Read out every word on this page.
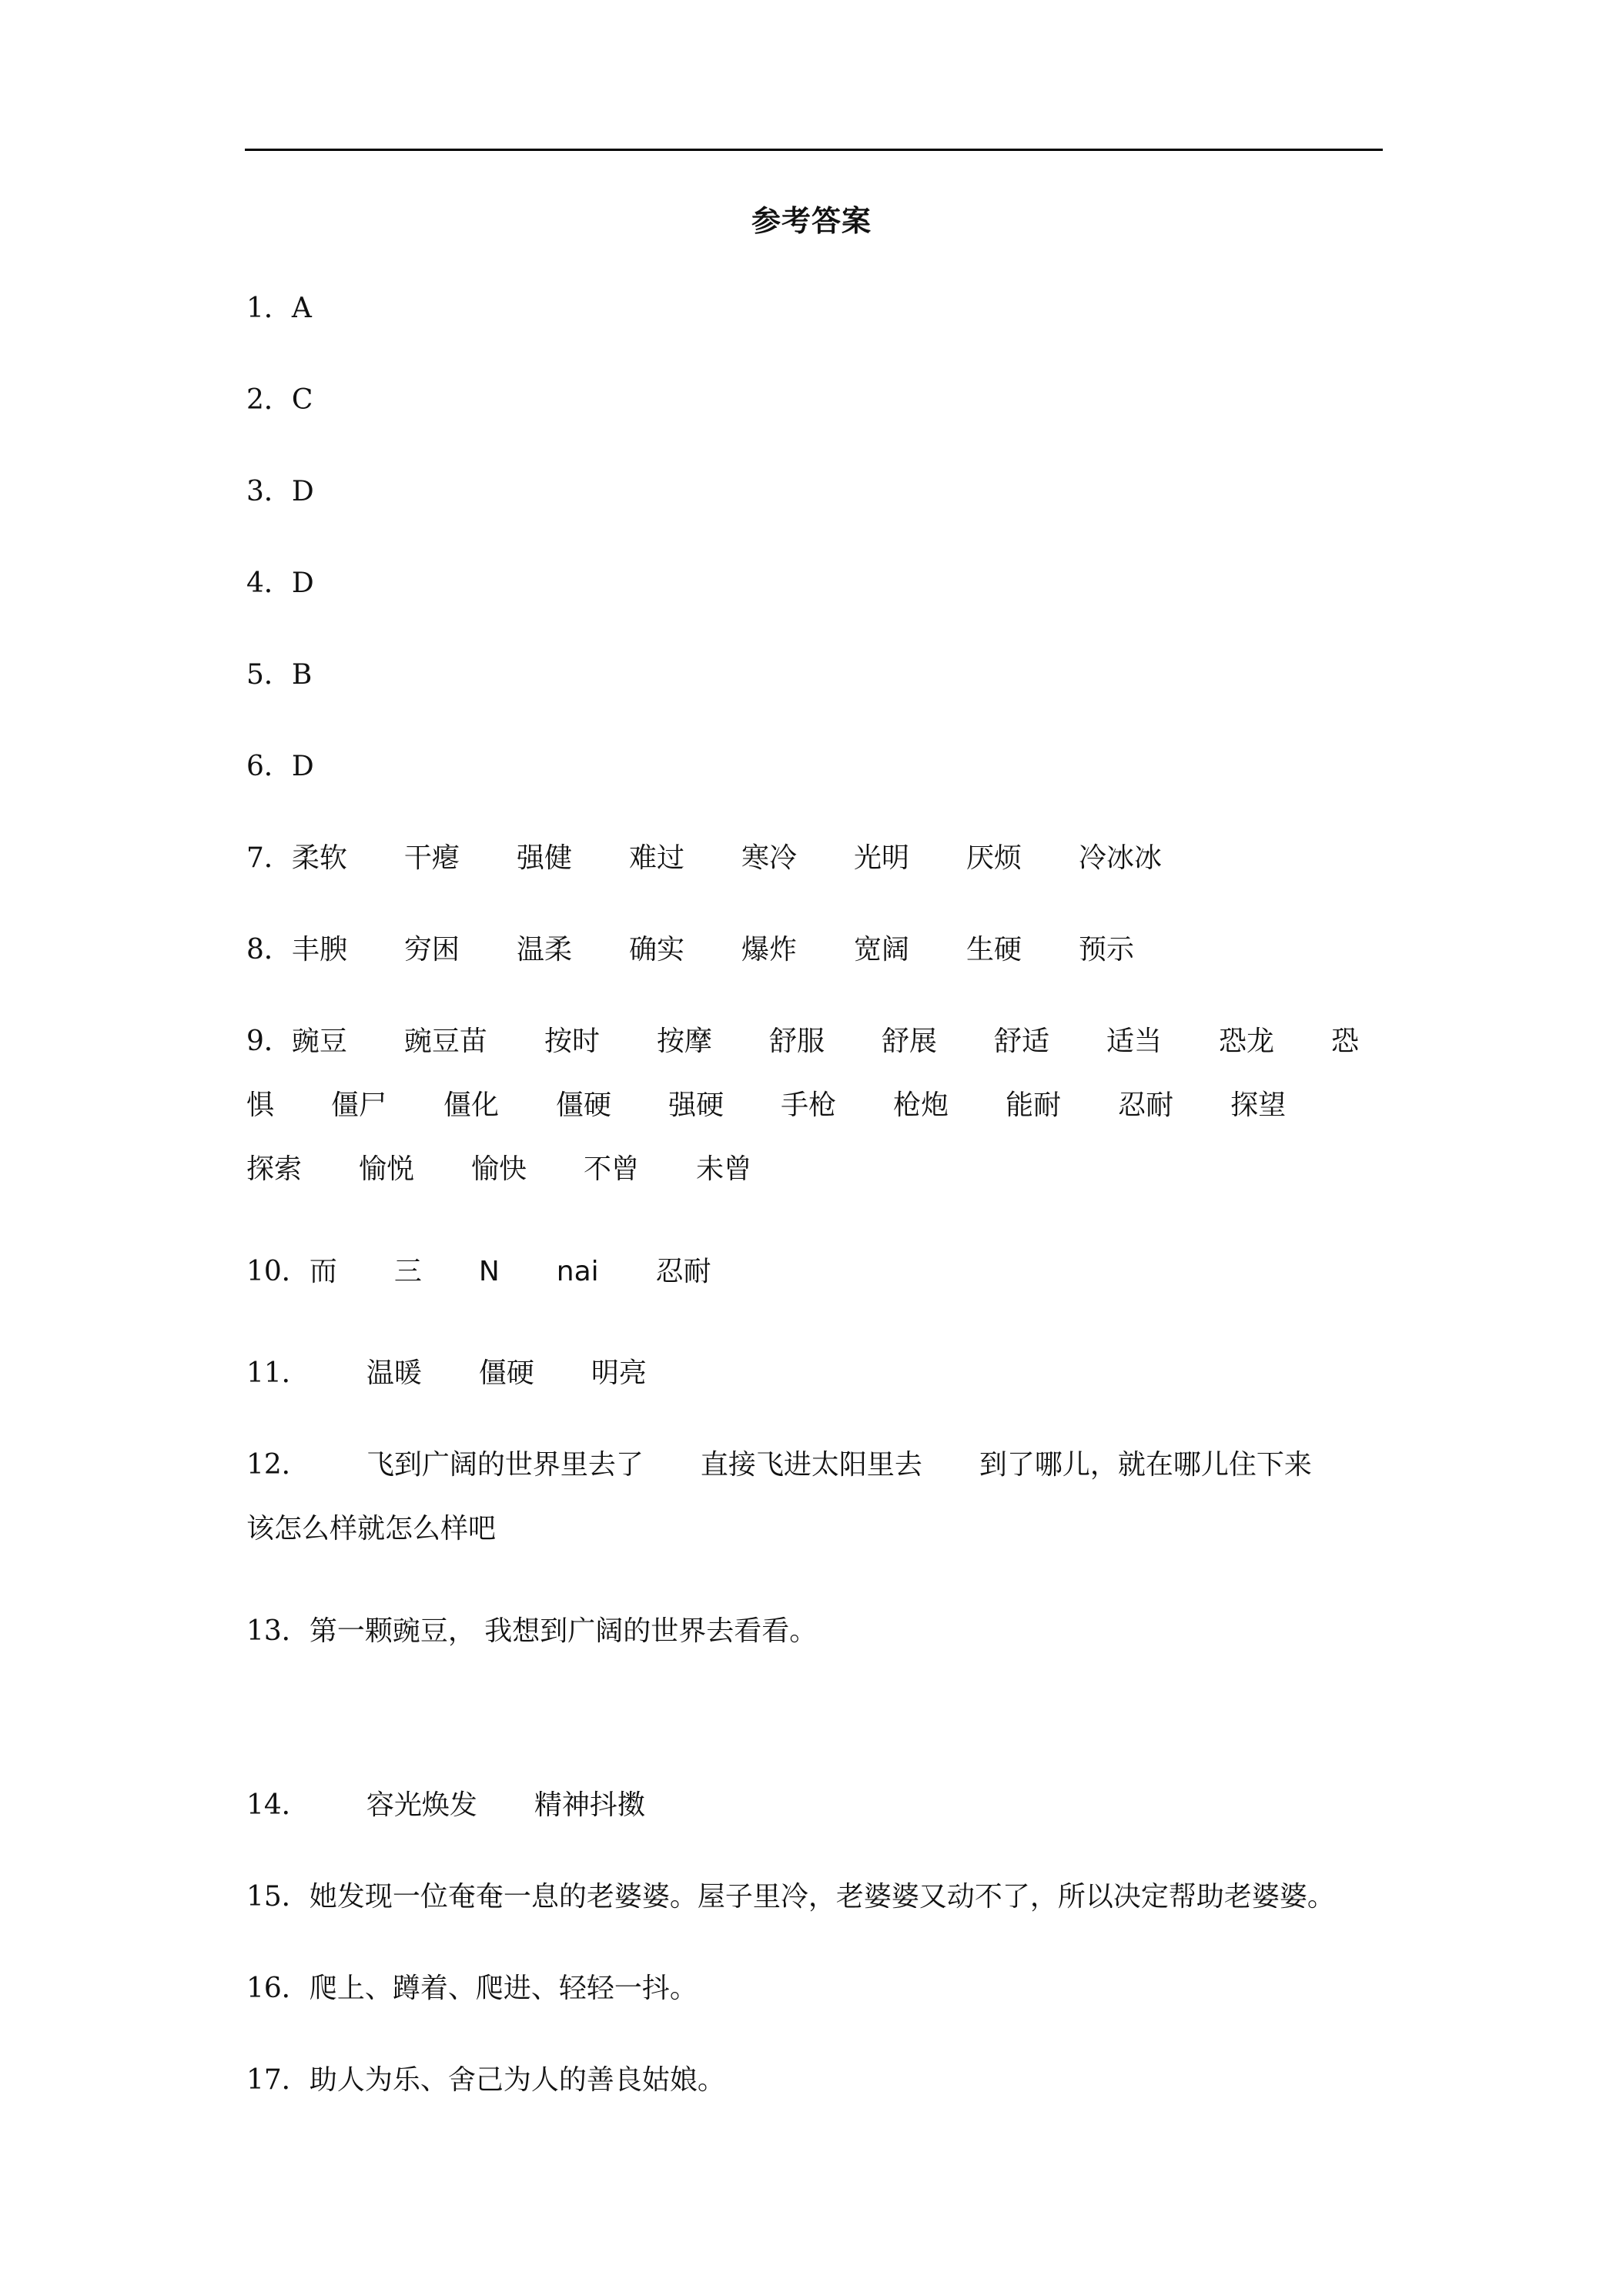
参考答案
1．A
2．C
3．D
4．D
5．B
6．D
7．柔软 干瘪 强健 难过 寒冷 光明 厌烦 冷冰冰
8．丰腴 穷困 温柔 确实 爆炸 宽阔 生硬 预示
9．豌豆 豌豆苗 按时 按摩 舒服 舒展 舒适 适当 恐龙 恐
惧 僵尸 僵化 僵硬 强硬 手枪 枪炮 能耐 忍耐 探望
探索 愉悦 愉快 不曾 未曾
10．而 三 N nai 忍耐
11． 温暖 僵硬 明亮
12． 飞到广阔的世界里去了 直接飞进太阳里去 到了哪儿，就在哪儿住下来
该怎么样就怎么样吧
13．第一颗豌豆， 我想到广阔的世界去看看。
14． 容光焕发 精神抖擞
15．她发现一位奄奄一息的老婆婆。屋子里冷，老婆婆又动不了，所以决定帮助老婆婆。
16．爬上、蹲着、爬进、轻轻一抖。
17．助人为乐、舍己为人的善良姑娘。
